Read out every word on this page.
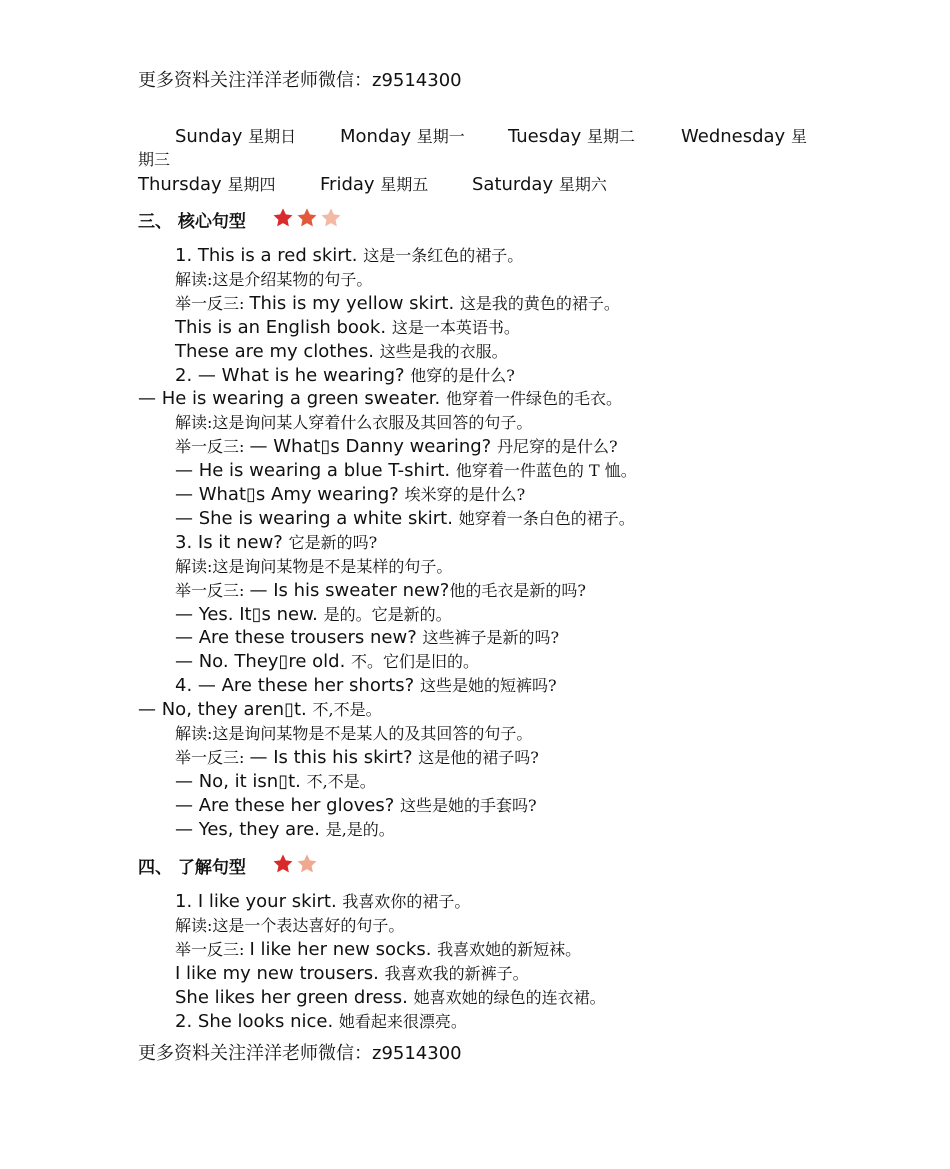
更多资料关注洋洋老师微信：z9514300
Sunday 星期日 Monday 星期一 Tuesday 星期二	Wednesday 星
期三
Thursday 星期四 Friday 星期五 Saturday 星期六
三、 核心句型
1. This is a red skirt. 这是一条红色的裙子。
解读:这是介绍某物的句子。
举一反三: This is my yellow skirt. 这是我的黄色的裙子。
This is an English book. 这是一本英语书。
These are my clothes. 这些是我的衣服。
2. — What is he wearing? 他穿的是什么?
— He is wearing a green sweater. 他穿着一件绿色的毛衣。
解读:这是询问某人穿着什么衣服及其回答的句子。
举一反三: — What▯s Danny wearing? 丹尼穿的是什么?
— He is wearing a blue T-shirt. 他穿着一件蓝色的 T 恤。
— What▯s Amy wearing? 埃米穿的是什么?
— She is wearing a white skirt. 她穿着一条白色的裙子。
3. Is it new? 它是新的吗?
解读:这是询问某物是不是某样的句子。
举一反三: — Is his sweater new?他的毛衣是新的吗?
— Yes. It▯s new. 是的。它是新的。
— Are these trousers new? 这些裤子是新的吗?
— No. They▯re old. 不。它们是旧的。
4. — Are these her shorts? 这些是她的短裤吗?
— No, they aren▯t. 不,不是。
解读:这是询问某物是不是某人的及其回答的句子。
举一反三: — Is this his skirt? 这是他的裙子吗?
— No, it isn▯t. 不,不是。
— Are these her gloves? 这些是她的手套吗?
— Yes, they are. 是,是的。
四、 了解句型
1. I like your skirt. 我喜欢你的裙子。
解读:这是一个表达喜好的句子。
举一反三: I like her new socks. 我喜欢她的新短袜。
I like my new trousers. 我喜欢我的新裤子。
She likes her green dress. 她喜欢她的绿色的连衣裙。
2. She looks nice. 她看起来很漂亮。
更多资料关注洋洋老师微信：z9514300
